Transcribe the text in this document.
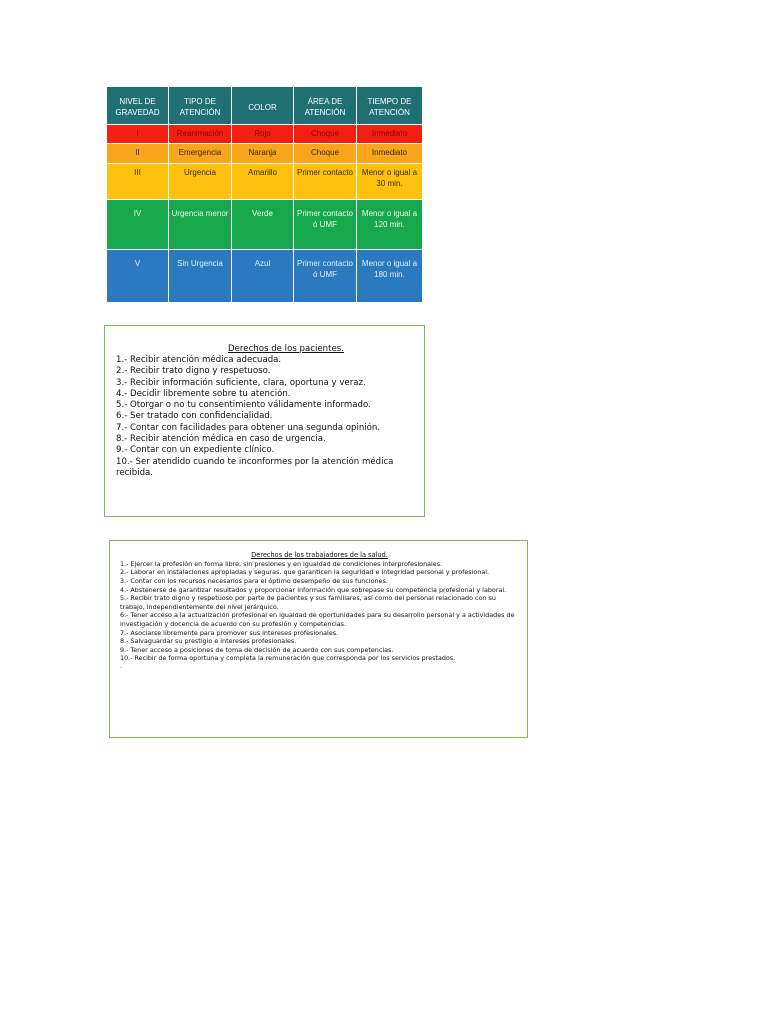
NIVEL DE GRAVEDAD	TIPO DE ATENCIÓN	COLOR	ÁREA DE ATENCIÓN	TIEMPO DE ATENCIÓN
I	Reanimación	Rojo	Choque	Inmediato
II	Emergencia	Naranja	Choque	Inmediato
III	Urgencia	Amarillo	Primer contacto	Menor o igual a 30 min.
IV	Urgencia menor	Verde	Primer contacto ó UMF	Menor o igual a 120 min.
V	Sin Urgencia	Azul	Primer contacto ó UMF	Menor o igual a 180 min.
Derechos de los pacientes.
1.- Recibir atención médica adecuada.
2.- Recibir trato digno y respetuoso.
3.- Recibir información suficiente, clara, oportuna y veraz.
4.- Decidir libremente sobre tu atención.
5.- Otorgar o no tu consentimiento válidamente informado.
6.- Ser tratado con confidencialidad.
7.- Contar con facilidades para obtener una segunda opinión.
8.- Recibir atención médica en caso de urgencia.
9.- Contar con un expediente clínico.
10.- Ser atendido cuando te inconformes por la atención médica recibida.
Derechos de los trabajadores de la salud.
1.- Ejercer la profesión en forma libre, sin presiones y en igualdad de condiciones interprofesionales.
2.- Laborar en instalaciones apropiadas y seguras, que garanticen la seguridad e integridad personal y profesional.
3.- Contar con los recursos necesarios para el óptimo desempeño de sus funciones.
4.- Abstenerse de garantizar resultados y proporcionar información que sobrepase su competencia profesional y laboral.
5.- Recibir trato digno y respetuoso por parte de pacientes y sus familiares, así como del personal relacionado con su trabajo, independientemente del nivel jerárquico.
6.- Tener acceso a la actualización profesional en igualdad de oportunidades para su desarrollo personal y a actividades de investigación y docencia de acuerdo con su profesión y competencias.
7.- Asociarse libremente para promover sus intereses profesionales.
8.- Salvaguardar su prestigio e intereses profesionales.
9.- Tener acceso a posiciones de toma de decisión de acuerdo con sus competencias.
10.- Recibir de forma oportuna y completa la remuneración que corresponda por los servicios prestados.
.
